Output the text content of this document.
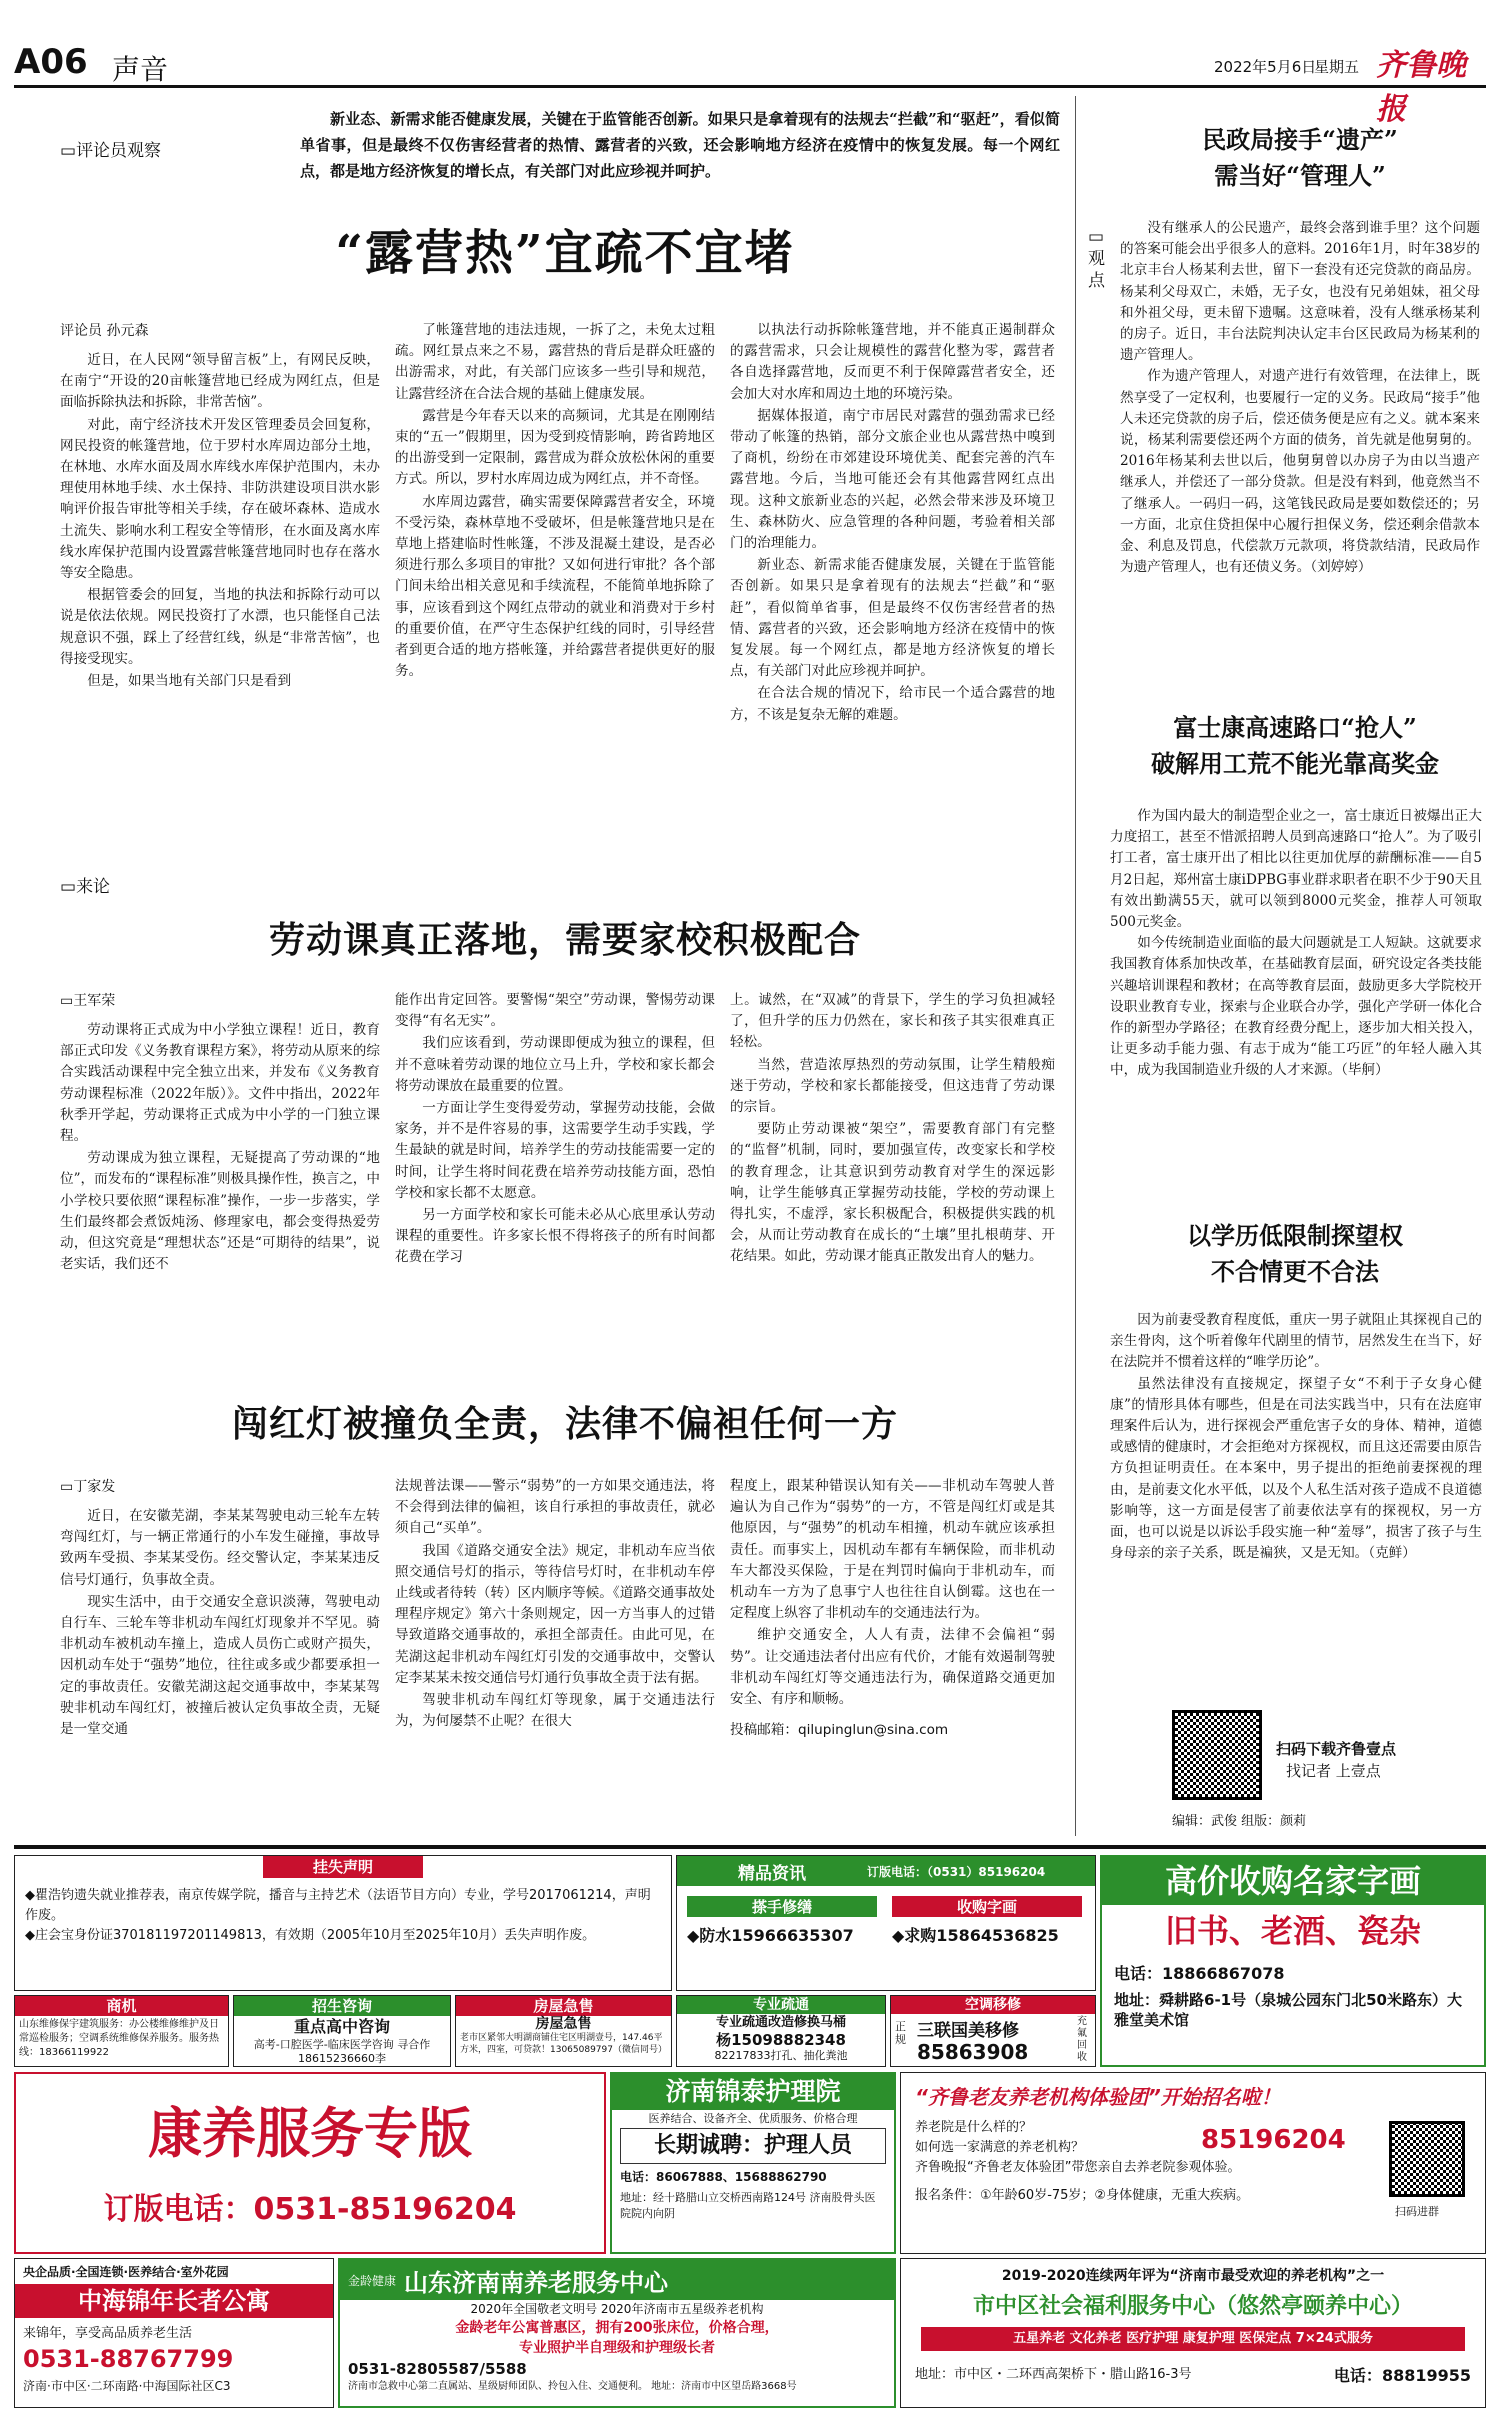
A06 声音	2022年5月6日
星期五 齐鲁晚报
▭评论员观察
新业态、新需求能否健康发展，关键在于监管能否创新。如果只是拿着现有的法规去“拦截”和“驱赶”，看似简单省事，但是最终不仅伤害经营者的热情、露营者的兴致，还会影响地方经济在疫情中的恢复发展。每一个网红点，都是地方经济恢复的增长点，有关部门对此应珍视并呵护。
“露营热”宜疏不宜堵
评论员 孙元森

近日，在人民网“领导留言板”上，有网民反映，在南宁“开设的20亩帐篷营地已经成为网红点，但是面临拆除执法和拆除，非常苦恼”。

对此，南宁经济技术开发区管理委员会回复称，网民投资的帐篷营地，位于罗村水库周边部分土地，在林地、水库水面及周水库线水库保护范围内，未办理使用林地手续、水土保持、非防洪建设项目洪水影响评价报告审批等相关手续，存在破坏森林、造成水土流失、影响水利工程安全等情形，在水面及离水库线水库保护范围内设置露营帐篷营地同时也存在落水等安全隐患。

根据管委会的回复，当地的执法和拆除行动可以说是依法依规。网民投资打了水漂，也只能怪自己法规意识不强，踩上了经营红线，纵是“非常苦恼”，也得接受现实。

但是，如果当地有关部门只是看到

了帐篷营地的违法违规，一拆了之，未免太过粗疏。网红景点来之不易，露营热的背后是群众旺盛的出游需求，对此，有关部门应该多一些引导和规范，让露营经济在合法合规的基础上健康发展。

露营是今年春天以来的高频词，尤其是在刚刚结束的“五一”假期里，因为受到疫情影响，跨省跨地区的出游受到一定限制，露营成为群众放松休闲的重要方式。所以，罗村水库周边成为网红点，并不奇怪。

水库周边露营，确实需要保障露营者安全，环境不受污染，森林草地不受破坏，但是帐篷营地只是在草地上搭建临时性帐篷，不涉及混凝土建设，是否必须进行那么多项目的审批？又如何进行审批？各个部门间未给出相关意见和手续流程，不能简单地拆除了事，应该看到这个网红点带动的就业和消费对于乡村的重要价值，在严守生态保护红线的同时，引导经营者到更合适的地方搭帐篷，并给露营者提供更好的服务。

以执法行动拆除帐篷营地，并不能真正遏制群众的露营需求，只会让规模性的露营化整为零，露营者各自选择露营地，反而更不利于保障露营者安全，还会加大对水库和周边土地的环境污染。

据媒体报道，南宁市居民对露营的强劲需求已经带动了帐篷的热销，部分文旅企业也从露营热中嗅到了商机，纷纷在市郊建设环境优美、配套完善的汽车露营地。今后，当地可能还会有其他露营网红点出现。这种文旅新业态的兴起，必然会带来涉及环境卫生、森林防火、应急管理的各种问题，考验着相关部门的治理能力。

新业态、新需求能否健康发展，关键在于监管能否创新。如果只是拿着现有的法规去“拦截”和“驱赶”，看似简单省事，但是最终不仅伤害经营者的热情、露营者的兴致，还会影响地方经济在疫情中的恢复发展。每一个网红点，都是地方经济恢复的增长点，有关部门对此应珍视并呵护。

在合法合规的情况下，给市民一个适合露营的地方，不该是复杂无解的难题。

▭来论
劳动课真正落地，需要家校积极配合
▭王军荣

劳动课将正式成为中小学独立课程！近日，教育部正式印发《义务教育课程方案》，将劳动从原来的综合实践活动课程中完全独立出来，并发布《义务教育劳动课程标准（2022年版）》。文件中指出，2022年秋季开学起，劳动课将正式成为中小学的一门独立课程。

劳动课成为独立课程，无疑提高了劳动课的“地位”，而发布的“课程标准”则极具操作性，换言之，中小学校只要依照“课程标准”操作，一步一步落实，学生们最终都会煮饭炖汤、修理家电，都会变得热爱劳动，但这究竟是“理想状态”还是“可期待的结果”，说老实话，我们还不

能作出肯定回答。要警惕“架空”劳动课，警惕劳动课变得“有名无实”。

我们应该看到，劳动课即便成为独立的课程，但并不意味着劳动课的地位立马上升，学校和家长都会将劳动课放在最重要的位置。

一方面让学生变得爱劳动，掌握劳动技能，会做家务，并不是件容易的事，这需要学生动手实践，学生最缺的就是时间，培养学生的劳动技能需要一定的时间，让学生将时间花费在培养劳动技能方面，恐怕学校和家长都不太愿意。

另一方面学校和家长可能未必从心底里承认劳动课程的重要性。许多家长恨不得将孩子的所有时间都花费在学习

上。诚然，在“双减”的背景下，学生的学习负担减轻了，但升学的压力仍然在，家长和孩子其实很难真正轻松。

当然，营造浓厚热烈的劳动氛围，让学生精般痴迷于劳动，学校和家长都能接受，但这违背了劳动课的宗旨。

要防止劳动课被“架空”，需要教育部门有完整的“监督”机制，同时，要加强宣传，改变家长和学校的教育理念，让其意识到劳动教育对学生的深远影响，让学生能够真正掌握劳动技能，学校的劳动课上得扎实，不虚浮，家长积极配合，积极提供实践的机会，从而让劳动教育在成长的“土壤”里扎根萌芽、开花结果。如此，劳动课才能真正散发出育人的魅力。

闯红灯被撞负全责，法律不偏袒任何一方
▭丁家发

近日，在安徽芜湖，李某某驾驶电动三轮车左转弯闯红灯，与一辆正常通行的小车发生碰撞，事故导致两车受损、李某某受伤。经交警认定，李某某违反信号灯通行，负事故全责。

现实生活中，由于交通安全意识淡薄，驾驶电动自行车、三轮车等非机动车闯红灯现象并不罕见。骑非机动车被机动车撞上，造成人员伤亡或财产损失，因机动车处于“强势”地位，往往或多或少都要承担一定的事故责任。安徽芜湖这起交通事故中，李某某驾驶非机动车闯红灯，被撞后被认定负事故全责，无疑是一堂交通

法规普法课——警示“弱势”的一方如果交通违法，将不会得到法律的偏袒，该自行承担的事故责任，就必须自己“买单”。

我国《道路交通安全法》规定，非机动车应当依照交通信号灯的指示，等待信号灯时，在非机动车停止线或者待转（转）区内顺序等候。《道路交通事故处理程序规定》第六十条则规定，因一方当事人的过错导致道路交通事故的，承担全部责任。由此可见，在芜湖这起非机动车闯红灯引发的交通事故中，交警认定李某某未按交通信号灯通行负事故全责于法有据。

驾驶非机动车闯红灯等现象，属于交通违法行为，为何屡禁不止呢？在很大

程度上，跟某种错误认知有关——非机动车驾驶人普遍认为自己作为“弱势”的一方，不管是闯红灯或是其他原因，与“强势”的机动车相撞，机动车就应该承担责任。而事实上，因机动车都有车辆保险，而非机动车大都没买保险，于是在判罚时偏向于非机动车，而机动车一方为了息事宁人也往往自认倒霉。这也在一定程度上纵容了非机动车的交通违法行为。

维护交通安全，人人有责，法律不会偏袒“弱势”。让交通违法者付出应有代价，才能有效遏制驾驶非机动车闯红灯等交通违法行为，确保道路交通更加安全、有序和顺畅。

投稿邮箱：qilupinglun@sina.com

▭
观点
民政局接手“遗产”
需当好“管理人”

没有继承人的公民遗产，最终会落到谁手里？这个问题的答案可能会出乎很多人的意料。2016年1月，时年38岁的北京丰台人杨某利去世，留下一套没有还完贷款的商品房。杨某利父母双亡，未婚，无子女，也没有兄弟姐妹，祖父母和外祖父母，更未留下遗嘱。这意味着，没有人继承杨某利的房子。近日，丰台法院判决认定丰台区民政局为杨某利的遗产管理人。

作为遗产管理人，对遗产进行有效管理，在法律上，既然享受了一定权利，也要履行一定的义务。民政局“接手”他人未还完贷款的房子后，偿还债务便是应有之义。就本案来说，杨某利需要偿还两个方面的债务，首先就是他舅舅的。2016年杨某利去世以后，他舅舅曾以办房子为由以当遗产继承人，并偿还了一部分贷款。但是没有料到，他竟然当不了继承人。一码归一码，这笔钱民政局是要如数偿还的；另一方面，北京住贷担保中心履行担保义务，偿还剩余借款本金、利息及罚息，代偿款万元款项，将贷款结清，民政局作为遗产管理人，也有还债义务。（刘婷婷）

富士康高速路口“抢人”
破解用工荒不能光靠高奖金

作为国内最大的制造型企业之一，富士康近日被爆出正大力度招工，甚至不惜派招聘人员到高速路口“抢人”。为了吸引打工者，富士康开出了相比以往更加优厚的薪酬标准——自5月2日起，郑州富士康iDPBG事业群求职者在职不少于90天且有效出勤满55天，就可以领到8000元奖金，推荐人可领取500元奖金。

如今传统制造业面临的最大问题就是工人短缺。这就要求我国教育体系加快改革，在基础教育层面，研究设定各类技能兴趣培训课程和教材；在高等教育层面，鼓励更多大学院校开设职业教育专业，探索与企业联合办学，强化产学研一体化合作的新型办学路径；在教育经费分配上，逐步加大相关投入，让更多动手能力强、有志于成为“能工巧匠”的年轻人融入其中，成为我国制造业升级的人才来源。（毕舸）

以学历低限制探望权
不合情更不合法

因为前妻受教育程度低，重庆一男子就阻止其探视自己的亲生骨肉，这个听着像年代剧里的情节，居然发生在当下，好在法院并不惯着这样的“唯学历论”。

虽然法律没有直接规定，探望子女“不利于子女身心健康”的情形具体有哪些，但是在司法实践当中，只有在法庭审理案件后认为，进行探视会严重危害子女的身体、精神，道德或感情的健康时，才会拒绝对方探视权，而且这还需要由原告方负担证明责任。在本案中，男子提出的拒绝前妻探视的理由，是前妻文化水平低，以及个人私生活对孩子造成不良道德影响等，这一方面是侵害了前妻依法享有的探视权，另一方面，也可以说是以诉讼手段实施一种“羞辱”，损害了孩子与生身母亲的亲子关系，既是褊狭，又是无知。（克鲜）

扫码下载齐鲁壹点
找记者 上壹点
编辑：武俊 组版：颜莉
挂失声明
◆瞿浩钧遗失就业推荐表，南京传媒学院，播音与主持艺术（法语节目方向）专业，学号2017061214，声明作废。
◆庄会宝身份证370181197201149813，有效期（2005年10月至2025年10月）丢失声明作废。
精品资讯	订版电话：（0531）85196204
搽手修缮
◆防水15966635307
收购字画
◆求购15864536825
高价收购名家字画
旧书、老酒、瓷杂
电话：18866867078
地址：舜耕路6-1号（泉城公园东门北50米路东）大雅堂美术馆
商机
山东维修保宇建筑服务：办公楼维修维护及日常巡检服务；空调系统维修保养服务。服务热线：18366119922
招生咨询
重点高中咨询
高考-口腔医学-临床医学咨询 寻合作18615236660李
房屋急售
房屋急售
老市区紧邻大明湖商铺住宅区明湖壹号，147.46平方米，四室，可贷款！13065089797（微信同号）
专业疏通
专业疏通改造修换马桶
杨15098882348
82217833打孔、抽化粪池
空调移修
正规 三联国美移修
85863908
充氟回收
康养服务专版
订版电话：0531-85196204
济南锦泰护理院
医养结合、设备齐全、优质服务、价格合理
长期诚聘：护理人员
电话：86067888、15688862790
地址：经十路腊山立交桥西南路124号 济南股骨头医院院内向阴
“齐鲁老友养老机构体验团”开始招名啦！
养老院是什么样的？
如何选一家满意的养老机构？	85196204
齐鲁晚报“齐鲁老友体验团”带您亲自去养老院参观体验。
报名条件：①年龄60岁-75岁；②身体健康，无重大疾病。
扫码进群
央企品质·全国连锁·医养结合·室外花园
中海锦年长者公寓
来锦年，享受高品质养老生活
0531-88767799
济南·市中区·二环南路·中海国际社区C3
金龄健康 山东济南南养老服务中心
2020年全国敬老文明号 2020年济南市五星级养老机构
金龄老年公寓普惠区，拥有200张床位，价格合理，
专业照护半自理级和护理级长者
0531-82805587/5588
济南市急救中心第二直属站、星级厨师团队、拎包入住、交通便利。 地址：济南市中区望岳路3668号
2019-2020连续两年评为“济南市最受欢迎的养老机构”之一
市中区社会福利服务中心（悠然亭颐养中心）
五星养老 文化养老 医疗护理 康复护理 医保定点 7×24式服务
地址：市中区・二环西高架桥下・腊山路16-3号	电话：88819955
